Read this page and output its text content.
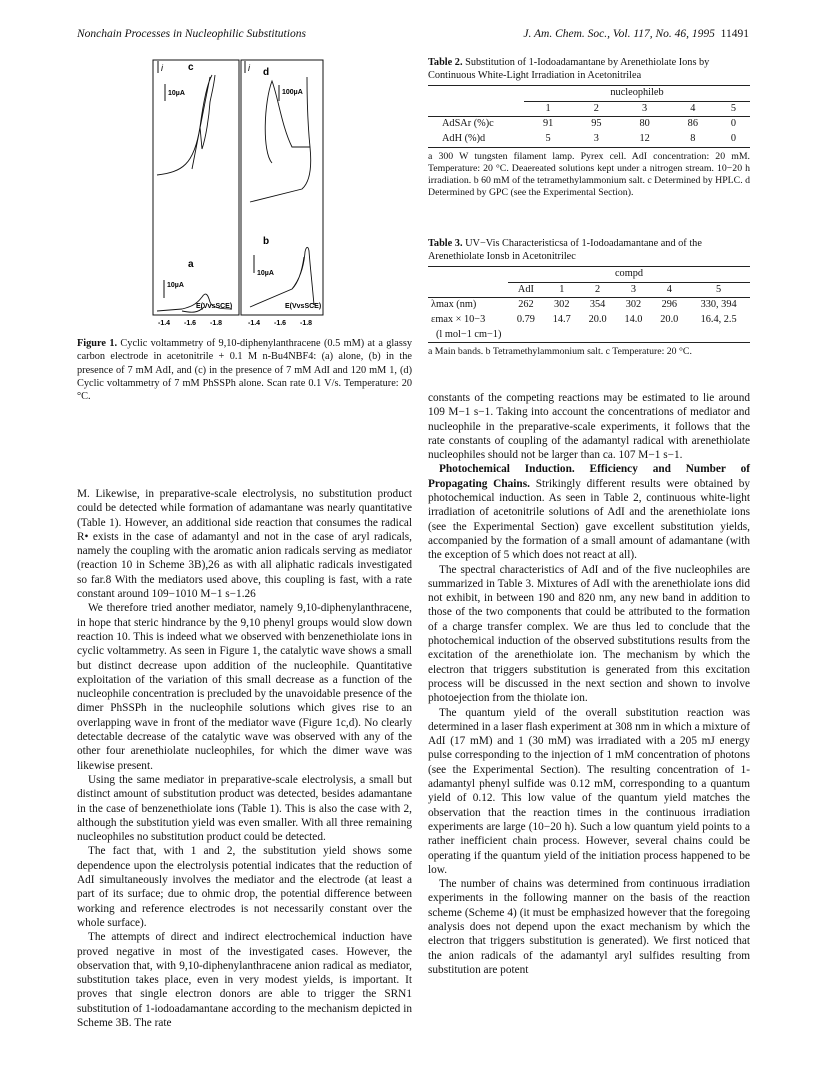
Nonchain Processes in Nucleophilic Substitutions	J. Am. Chem. Soc., Vol. 117, No. 46, 1995 11491
i	i
c
10µA
d
100µA
b
10µA
a
10µA
E(VvsSCE)	E(VvsSCE)
-1.4 -1.6 -1.8	-1.4 -1.6 -1.8
Figure 1. Cyclic voltammetry of 9,10-diphenylanthracene (0.5 mM) at a glassy carbon electrode in acetonitrile + 0.1 M n-Bu4NBF4: (a) alone, (b) in the presence of 7 mM AdI, and (c) in the presence of 7 mM AdI and 120 mM 1, (d) Cyclic voltammetry of 7 mM PhSSPh alone. Scan rate 0.1 V/s. Temperature: 20 °C.

M. Likewise, in preparative-scale electrolysis, no substitution product could be detected while formation of adamantane was nearly quantitative (Table 1). However, an additional side reaction that consumes the radical R• exists in the case of adamantyl and not in the case of aryl radicals, namely the coupling with the aromatic anion radicals serving as mediator (reaction 10 in Scheme 3B),26 as with all aliphatic radicals investigated so far.8 With the mediators used above, this coupling is fast, with a rate constant around 109−1010 M−1 s−1.26

We therefore tried another mediator, namely 9,10-diphenylanthracene, in hope that steric hindrance by the 9,10 phenyl groups would slow down reaction 10. This is indeed what we observed with benzenethiolate ions in cyclic voltammetry. As seen in Figure 1, the catalytic wave shows a small but distinct decrease upon addition of the nucleophile. Quantitative exploitation of the variation of this small decrease as a function of the nucleophile concentration is precluded by the unavoidable presence of the dimer PhSSPh in the nucleophile solutions which gives rise to an overlapping wave in front of the mediator wave (Figure 1c,d). No clearly detectable decrease of the catalytic wave was observed with any of the other four arenethiolate nucleophiles, for which the dimer wave was likewise present.

Using the same mediator in preparative-scale electrolysis, a small but distinct amount of substitution product was detected, besides adamantane in the case of benzenethiolate ions (Table 1). This is also the case with 2, although the substitution yield was even smaller. With all three remaining nucleophiles no substitution product could be detected.

The fact that, with 1 and 2, the substitution yield shows some dependence upon the electrolysis potential indicates that the reduction of AdI simultaneously involves the mediator and the electrode (at least a part of its surface; due to ohmic drop, the potential difference between working and reference electrodes is not necessarily constant over the whole surface).

The attempts of direct and indirect electrochemical induction have proved negative in most of the investigated cases. However, the observation that, with 9,10-diphenylanthracene anion radical as mediator, substitution takes place, even in very modest yields, is important. It proves that single electron donors are able to trigger the SRN1 substitution of 1-iodoadamantane according to the mechanism depicted in Scheme 3B. The rate

Table 2. Substitution of 1-Iodoadamantane by Arenethiolate Ions by Continuous White-Light Irradiation in Acetonitrilea
	nucleophileb				
	1	2	3	4	5
AdSAr (%)c	91	95	80	86	0
AdH (%)d	5	3	12	8	0
a 300 W tungsten filament lamp. Pyrex cell. AdI concentration: 20 mM. Temperature: 20 °C. Deaereated solutions kept under a nitrogen stream. 10−20 h irradiation. b 60 mM of the tetramethylammonium salt. c Determined by HPLC. d Determined by GPC (see the Experimental Section).
Table 3. UV−Vis Characteristicsa of 1-Iodoadamantane and of the Arenethiolate Ionsb in Acetonitrilec
	compd					
	AdI	1	2	3	4	5
λmax (nm)	262	302	354	302	296	330, 394
εmax × 10−3	0.79	14.7	20.0	14.0	20.0	16.4, 2.5
(l mol−1 cm−1)						
a Main bands. b Tetramethylammonium salt. c Temperature: 20 °C.

constants of the competing reactions may be estimated to lie around 109 M−1 s−1. Taking into account the concentrations of mediator and nucleophile in the preparative-scale experiments, it follows that the rate constants of coupling of the adamantyl radical with arenethiolate nucleophiles should not be larger than ca. 107 M−1 s−1.

Photochemical Induction. Efficiency and Number of Propagating Chains. Strikingly different results were obtained by photochemical induction. As seen in Table 2, continuous white-light irradiation of acetonitrile solutions of AdI and the arenethiolate ions (see the Experimental Section) gave excellent substitution yields, accompanied by the formation of a small amount of adamantane (with the exception of 5 which does not react at all).

The spectral characteristics of AdI and of the five nucleophiles are summarized in Table 3. Mixtures of AdI with the arenethiolate ions did not exhibit, in between 190 and 820 nm, any new band in addition to those of the two components that could be attributed to the formation of a charge transfer complex. We are thus led to conclude that the photochemical induction of the observed substitutions results from the excitation of the arenethiolate ion. The mechanism by which the electron that triggers substitution is generated from this excitation process will be discussed in the next section and shown to involve photoejection from the thiolate ion.

The quantum yield of the overall substitution reaction was determined in a laser flash experiment at 308 nm in which a mixture of AdI (17 mM) and 1 (30 mM) was irradiated with a 205 mJ energy pulse corresponding to the injection of 1 mM concentration of photons (see the Experimental Section). The resulting concentration of 1-adamantyl phenyl sulfide was 0.12 mM, corresponding to a quantum yield of 0.12. This low value of the quantum yield matches the observation that the reaction times in the continuous irradiation experiments are large (10−20 h). Such a low quantum yield points to a rather inefficient chain process. However, several chains could be operating if the quantum yield of the initiation process happened to be low.

The number of chains was determined from continuous irradiation experiments in the following manner on the basis of the reaction scheme (Scheme 4) (it must be emphasized however that the foregoing analysis does not depend upon the exact mechanism by which the electron that triggers substitution is generated). We first noticed that the anion radicals of the adamantyl aryl sulfides resulting from substitution are potent
